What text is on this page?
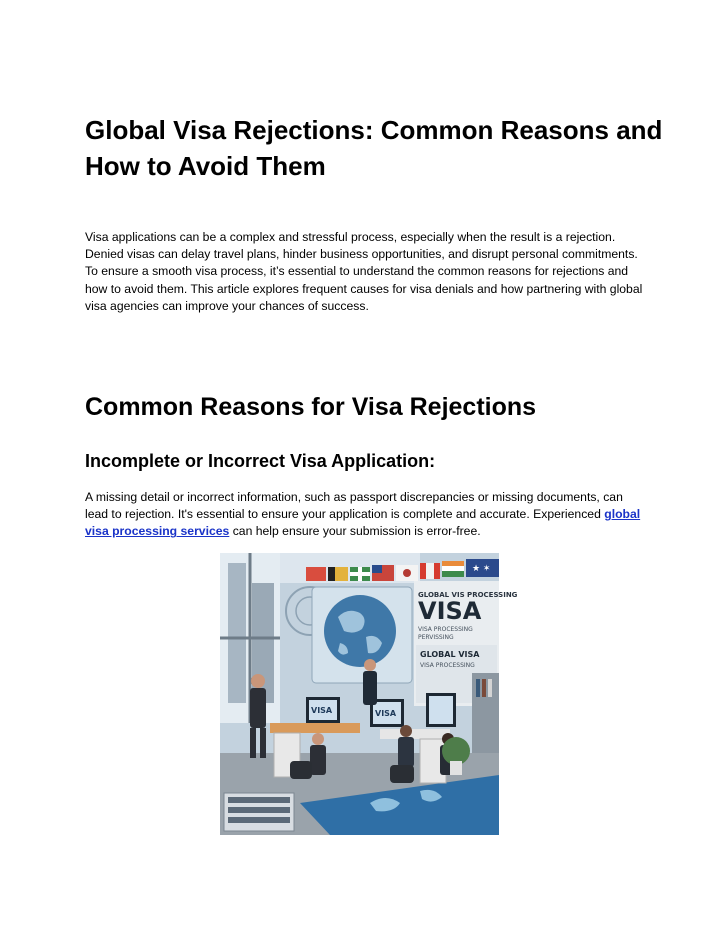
Global Visa Rejections: Common Reasons and How to Avoid Them

Visa applications can be a complex and stressful process, especially when the result is a rejection. Denied visas can delay travel plans, hinder business opportunities, and disrupt personal commitments. To ensure a smooth visa process, it’s essential to understand the common reasons for rejections and how to avoid them. This article explores frequent causes for visa denials and how partnering with global visa agencies can improve your chances of success.

Common Reasons for Visa Rejections
Incomplete or Incorrect Visa Application:

A missing detail or incorrect information, such as passport discrepancies or missing documents, can lead to rejection. It's essential to ensure your application is complete and accurate. Experienced global visa processing services can help ensure your submission is error-free.

★ ✶
GLOBAL VIS PROCESSING
VISA
VISA PROCESSING
PERVISSING
GLOBAL VISA
VISA PROCESSING
VISA	VISA
